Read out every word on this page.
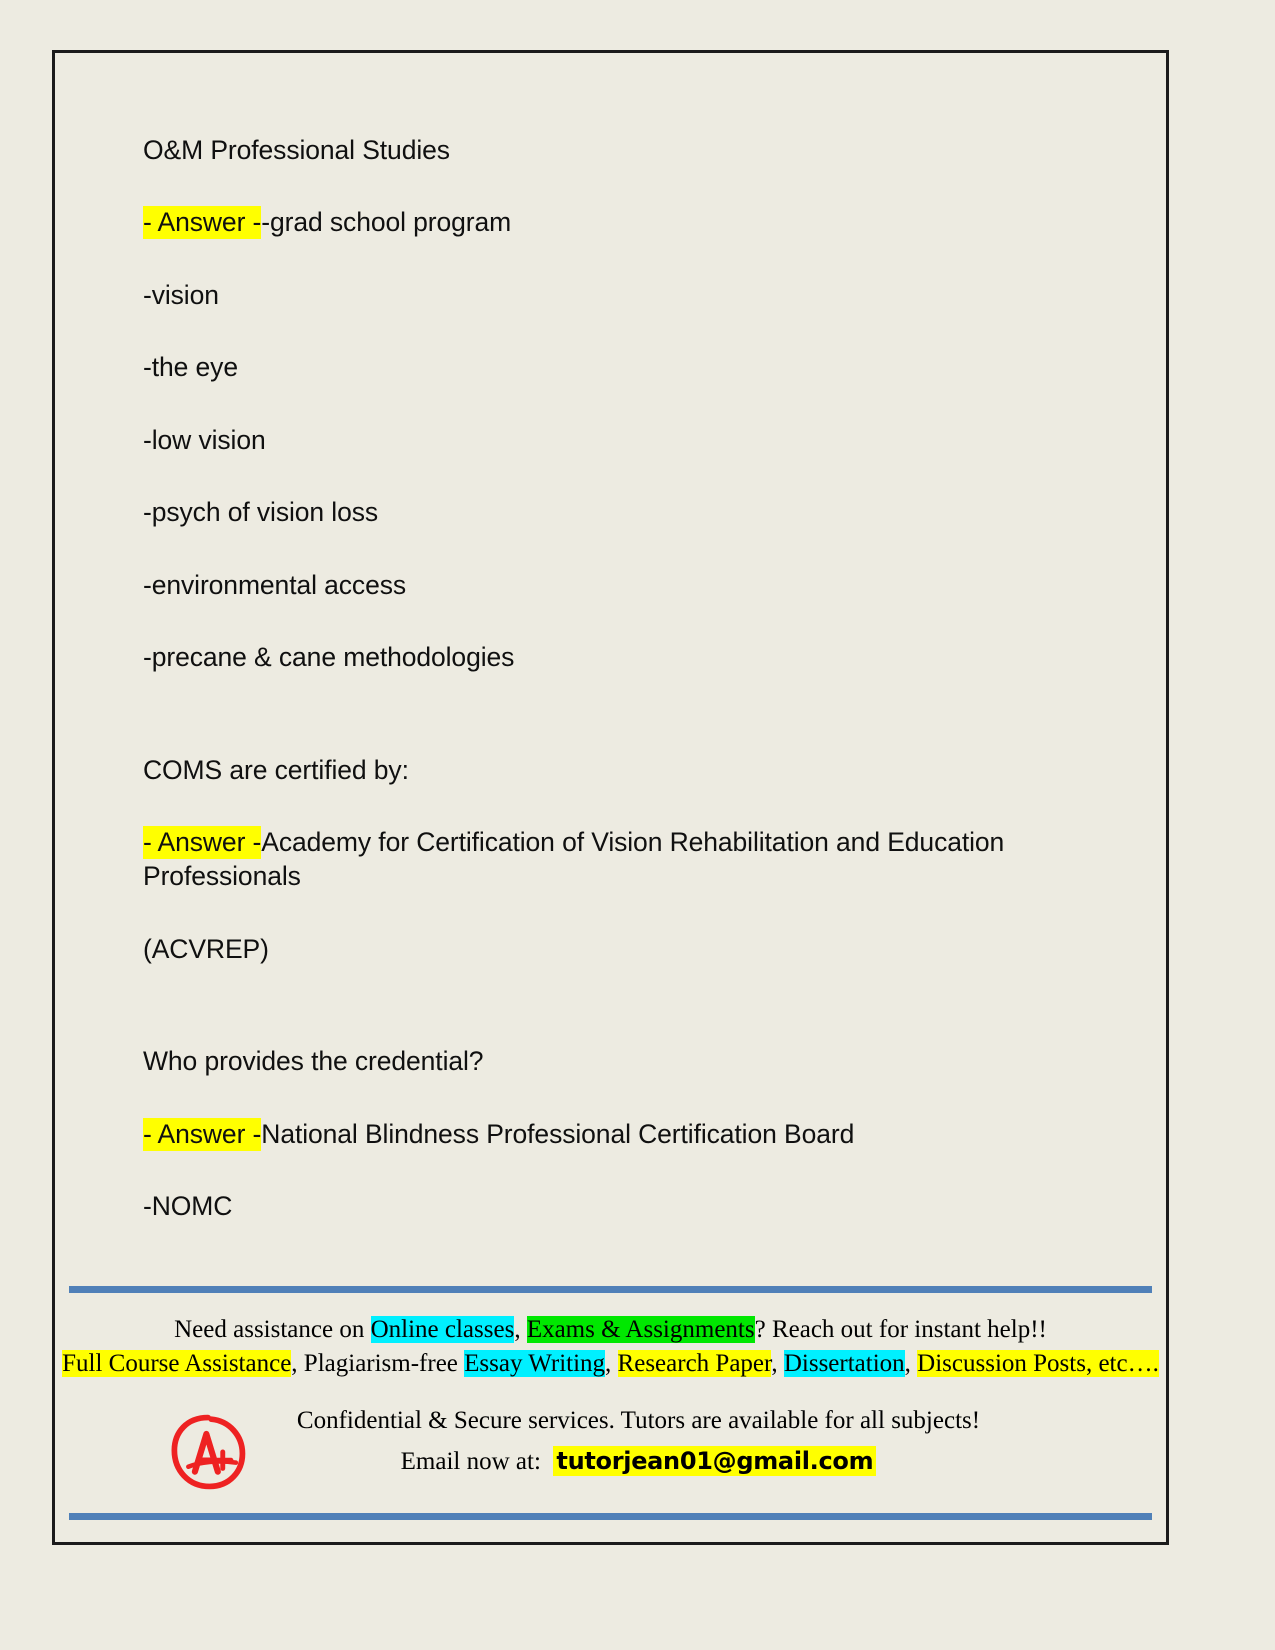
O&M Professional Studies

- Answer --grad school program

-vision

-the eye

-low vision

-psych of vision loss

-environmental access

-precane & cane methodologies

COMS are certified by:

- Answer -Academy for Certification of Vision Rehabilitation and Education Professionals

(ACVREP)

Who provides the credential?

- Answer -National Blindness Professional Certification Board

-NOMC

Need assistance on Online classes, Exams & Assignments? Reach out for instant help!!
Full Course Assistance, Plagiarism-free Essay Writing, Research Paper, Dissertation, Discussion Posts, etc….
Confidential & Secure services. Tutors are available for all subjects!
Email now at: tutorjean01@gmail.com
